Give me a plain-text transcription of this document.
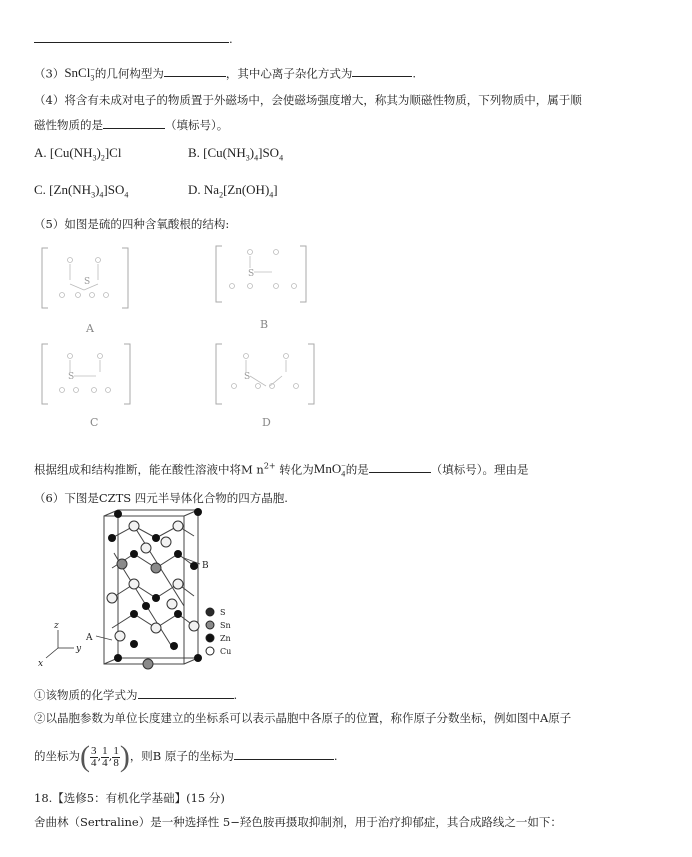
.
（3）SnCl$_3$−的几何构型为	，其中心离子杂化方式为	.
（4）将含有未成对电子的物质置于外磁场中，会使磁场强度增大，称其为顺磁性物质，下列物质中，属于顺
磁性物质的是	（填标号）。
A. $[Cu(NH_3)_2]Cl$	B. $[Cu(NH_3)_4]SO_4$
C. $[Zn(NH_3)_4]SO_4$	D. $Na_2[Zn(OH)_4]$
（5）如图是硫的四种含氧酸根的结构:
S
S
S	S
A	B
C	D
根据组成和结构推断，能在酸性溶液中将M $n^{2+}$ 转化为MnO$_4$−的是	（填标号）。理由是
（6）下图是CZTS 四元半导体化合物的四方晶胞.
B
A
z
y
x
S
Sn
Zn
Cu
①该物质的化学式为	.
②以晶胞参数为单位长度建立的坐标系可以表示晶胞中各原子的位置，称作原子分数坐标，例如图中A原子
的坐标为( $\frac{3}{4}$ , $\frac{1}{4}$ , $\frac{1}{8}$ )，则B 原子的坐标为	.
18.【选修5：有机化学基础】(15 分)
舍曲林（Sertraline）是一种选择性 5−羟色胺再摄取抑制剂，用于治疗抑郁症，其合成路线之一如下：
